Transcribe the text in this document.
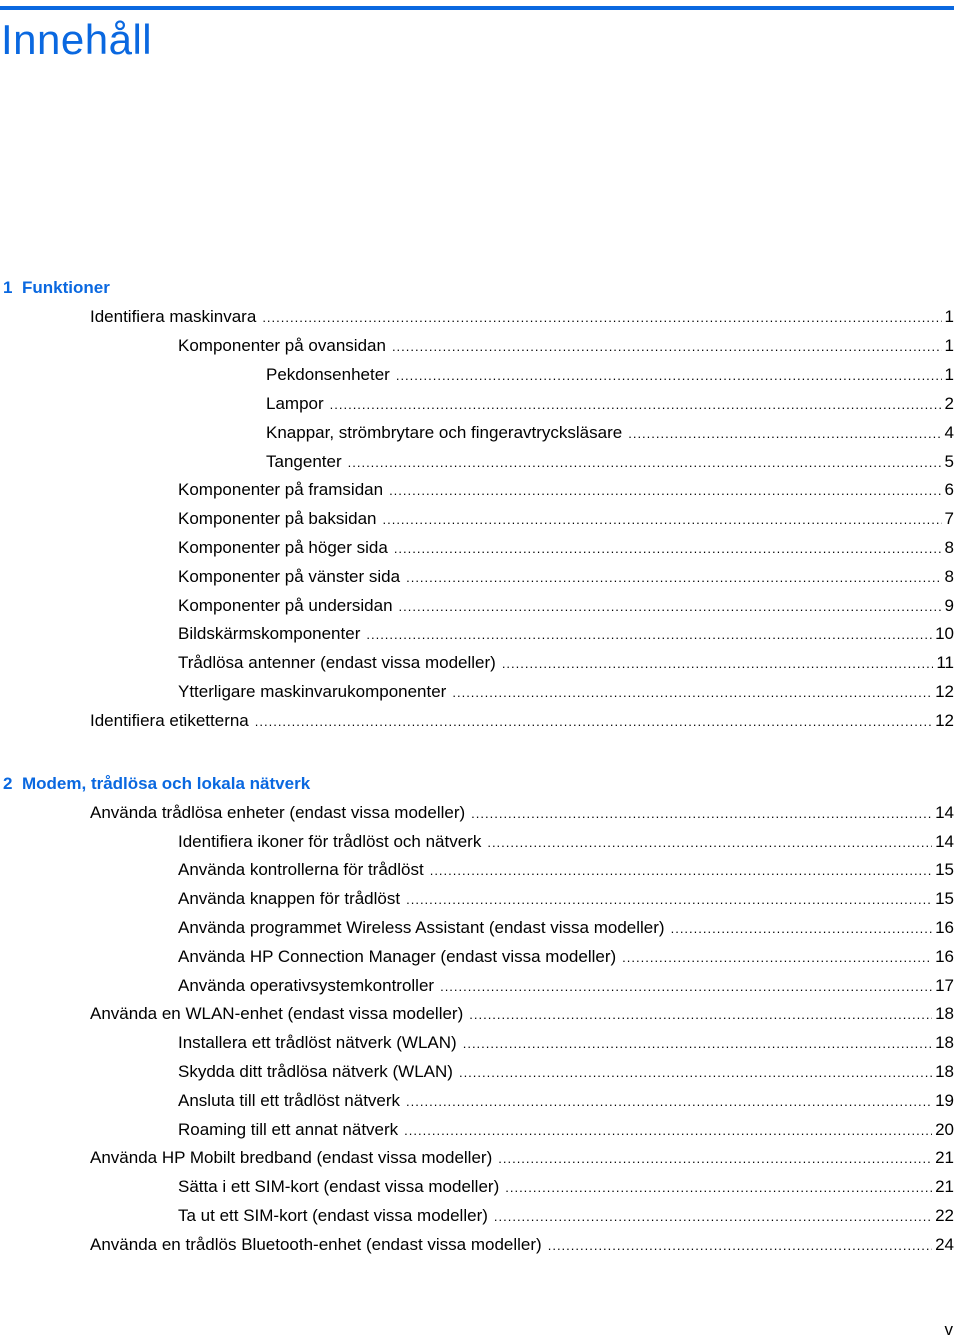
Innehåll
1 Funktioner
Identifiera maskinvara .....	1
Komponenter på ovansidan .....	1
Pekdonsenheter .....	1
Lampor .....	2
Knappar, strömbrytare och fingeravtrycksläsare .....	4
Tangenter .....	5
Komponenter på framsidan .....	6
Komponenter på baksidan .....	7
Komponenter på höger sida .....	8
Komponenter på vänster sida .....	8
Komponenter på undersidan .....	9
Bildskärmskomponenter .....	10
Trådlösa antenner (endast vissa modeller) .....	11
Ytterligare maskinvarukomponenter .....	12
Identifiera etiketterna .....	12
2 Modem, trådlösa och lokala nätverk
Använda trådlösa enheter (endast vissa modeller) .....	14
Identifiera ikoner för trådlöst och nätverk .....	14
Använda kontrollerna för trådlöst .....	15
Använda knappen för trådlöst .....	15
Använda programmet Wireless Assistant (endast vissa modeller) .....	16
Använda HP Connection Manager (endast vissa modeller) .....	16
Använda operativsystemkontroller .....	17
Använda en WLAN-enhet (endast vissa modeller) .....	18
Installera ett trådlöst nätverk (WLAN) .....	18
Skydda ditt trådlösa nätverk (WLAN) .....	18
Ansluta till ett trådlöst nätverk .....	19
Roaming till ett annat nätverk .....	20
Använda HP Mobilt bredband (endast vissa modeller) .....	21
Sätta i ett SIM-kort (endast vissa modeller) .....	21
Ta ut ett SIM-kort (endast vissa modeller) .....	22
Använda en trådlös Bluetooth-enhet (endast vissa modeller) .....	24
v
